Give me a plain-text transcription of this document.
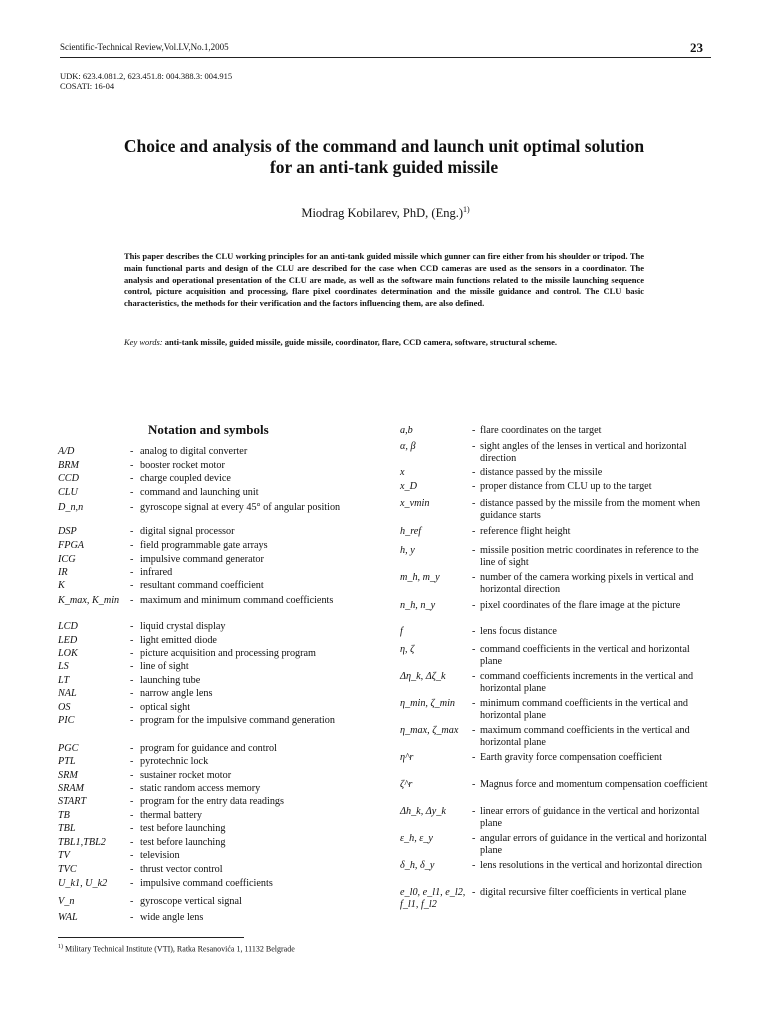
Scientific-Technical Review,Vol.LV,No.1,2005	23
UDK: 623.4.081.2, 623.451.8: 004.388.3: 004.915
COSATI: 16-04
Choice and analysis of the command and launch unit optimal solution
for an anti-tank guided missile
Miodrag Kobilarev, PhD, $(Eng.)^{1)}$
This paper describes the CLU working principles for an anti-tank guided missile which gunner can fire either from his shoulder or tripod. The main functional parts and design of the CLU are described for the case when CCD cameras are used as the sensors in a coordinator. The analysis and operational presentation of the CLU are made, as well as the software main functions related to the missile launching sequence control, picture acquisition and processing, flare pixel coordinates determination and the missile guidance and control. The CLU basic characteristics, the methods for their verification and the factors influencing them, are also defined.
Key words: anti-tank missile, guided missile, guide missile, coordinator, flare, CCD camera, software, structural scheme.
Notation and symbols
A/D	- analog to digital converter
BRM	- booster rocket motor
CCD	- charge coupled device
CLU	- command and launching unit
D_n,n	- gyroscope signal at every 45° of angular position
DSP	- digital signal processor
FPGA	- field programmable gate arrays
ICG	- impulsive command generator
IR	- infrared
K	- resultant command coefficient
K_max, K_min - maximum and minimum command coefficients
LCD	- liquid crystal display
LED	- light emitted diode
LOK	- picture acquisition and processing program
LS	- line of sight
LT	- launching tube
NAL	- narrow angle lens
OS	- optical sight
PIC	- program for the impulsive command generation
PGC	- program for guidance and control
PTL	- pyrotechnic lock
SRM	- sustainer rocket motor
SRAM	- static random access memory
START	- program for the entry data readings
TB	- thermal battery
TBL	- test before launching
TBL1,TBL2 - test before launching
TV	- television
TVC	- thrust vector control
U_k1, U_k2 - impulsive command coefficients
V_n	- gyroscope vertical signal
WAL	- wide angle lens
a,b	- flare coordinates on the target
α, β	- sight angles of the lenses in vertical and horizontal direction
x	- distance passed by the missile
x_D	- proper distance from CLU up to the target
x_vmin	- distance passed by the missile from the moment when guidance starts
h_ref	- reference flight height
h, y	- missile position metric coordinates in reference to the line of sight
m_h, m_y	- number of the camera working pixels in vertical and horizontal direction
n_h, n_y	- pixel coordinates of the flare image at the picture
f	- lens focus distance
η, ζ	- command coefficients in the vertical and horizontal plane
Δη_k, Δζ_k	- command coefficients increments in the vertical and horizontal plane
η_min, ζ_min - minimum command coefficients in the vertical and horizontal plane
η_max, ζ_max - maximum command coefficients in the vertical and horizontal plane
η^r	- Earth gravity force compensation coefficient
ζ^r	- Magnus force and momentum compensation coefficient
Δh_k, Δy_k	- linear errors of guidance in the vertical and horizontal plane
ε_h, ε_y	- angular errors of guidance in the vertical and horizontal plane
δ_h, δ_y	- lens resolutions in the vertical and horizontal direction
e_l0, e_l1, e_l2, f_l1, f_l2
- digital recursive filter coefficients in vertical plane
$^{1)}$ Military Technical Institute (VTI), Ratka Resanovića 1, 11132 Belgrade
